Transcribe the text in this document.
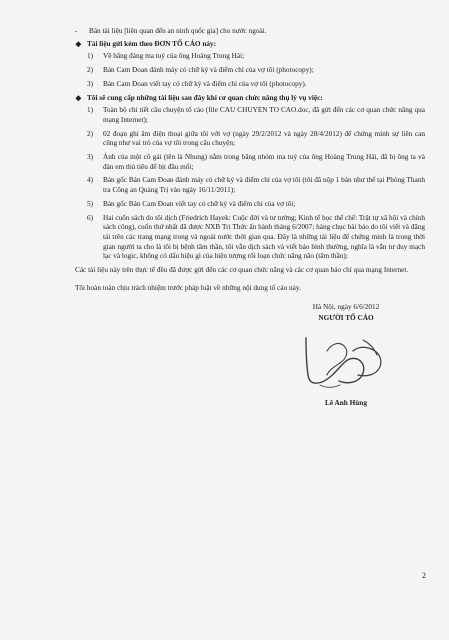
-	Bản tài liệu [liên quan đến an ninh quốc gia] cho nước ngoài.
❖ Tài liệu gửi kèm theo ĐƠN TỐ CÁO này:
1)	Về băng đảng ma tuý của ông Hoàng Trung Hải;
2)	Bản Cam Đoan đánh máy có chữ ký và điểm chỉ của vợ tôi (photocopy);
3)	Bản Cam Đoan viết tay có chữ ký và điểm chỉ của vợ tôi (photocopy).
❖ Tôi sẽ cung cấp những tài liệu sau đây khi cơ quan chức năng thụ lý vụ việc:
1)	Toàn bộ chi tiết câu chuyện tố cáo (file CAU CHUYEN TO CAO.doc, đã gửi đến các cơ quan chức năng qua mạng Internet);
2)	02 đoạn ghi âm điện thoại giữa tôi với vợ (ngày 29/2/2012 và ngày 28/4/2012) để chứng minh sự liên can cũng như vai trò của vợ tôi trong câu chuyện;
3)	Ảnh của một cô gái (tên là Nhung) nằm trong băng nhóm ma tuý của ông Hoàng Trung Hải, đã bị ông ta và đàn em thủ tiêu để bịt đầu mối;
4)	Bản gốc Bản Cam Đoan đánh máy có chữ ký và điểm chỉ của vợ tôi (tôi đã nộp 1 bản như thế tại Phòng Thanh tra Công an Quảng Trị vào ngày 16/11/2011);
5)	Bản gốc Bản Cam Đoan viết tay có chữ ký và điểm chỉ của vợ tôi;
6)	Hai cuốn sách do tôi dịch (Friedrich Hayek: Cuộc đời và tư tưởng; Kinh tế học thể chế: Trật tự xã hội và chính sách công), cuốn thứ nhất đã được NXB Tri Thức ấn hành tháng 6/2007; hàng chục bài báo do tôi viết và đăng tải trên các trang mạng trong và ngoài nước thời gian qua. Đây là những tài liệu để chứng minh là trong thời gian người ta cho là tôi bị bệnh tâm thần, tôi vẫn dịch sách và viết báo bình thường, nghĩa là vẫn tư duy mạch lạc và logic, không có dấu hiệu gì của hiện tượng rối loạn chức năng não (tâm thần);

Các tài liệu này trên thực tế đều đã được gửi đến các cơ quan chức năng và các cơ quan báo chí qua mạng Internet.

Tôi hoàn toàn chịu trách nhiệm trước pháp luật về những nội dung tố cáo này.

Hà Nội, ngày 6/6/2012
NGƯỜI TỐ CÁO
Lê Anh Hùng
2
